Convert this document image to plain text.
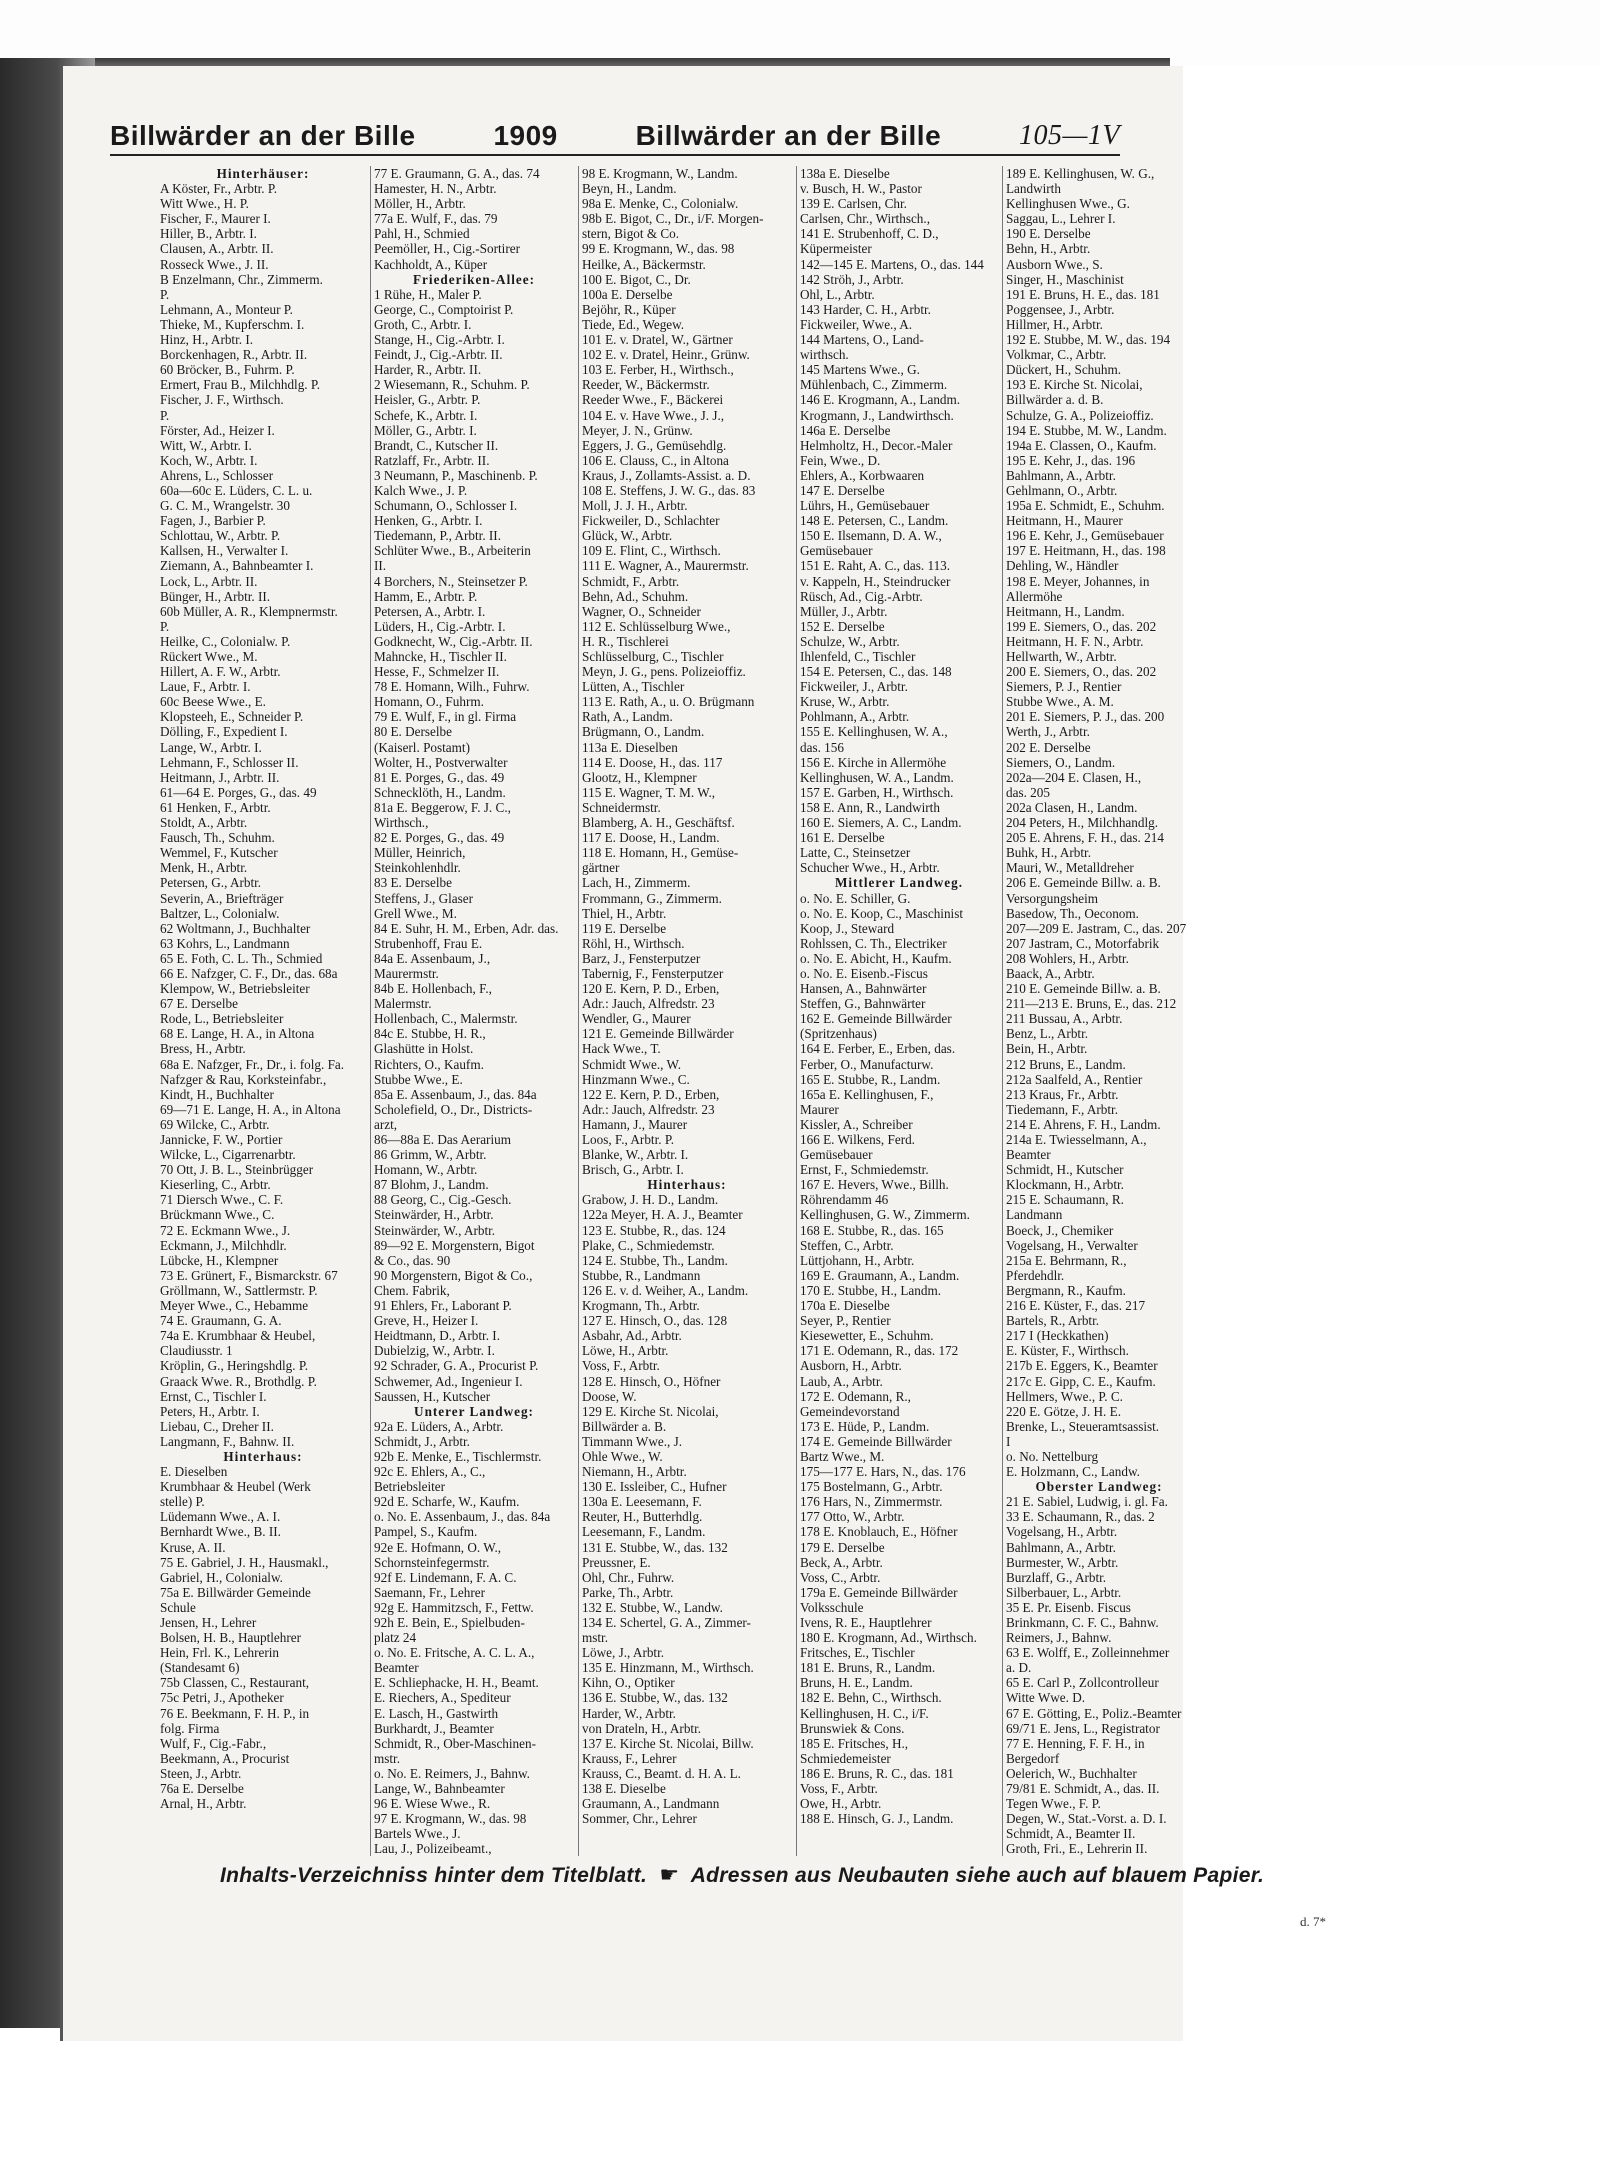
Billwärder an der Bille	1909	Billwärder an der Bille	105—1V
Hinterhäuser:
A Köster, Fr., Arbtr. P.
Witt Wwe., H. P.
Fischer, F., Maurer I.
Hiller, B., Arbtr. I.
Clausen, A., Arbtr. II.
Rosseck Wwe., J. II.
B Enzelmann, Chr., Zimmerm.
P.
Lehmann, A., Monteur P.
Thieke, M., Kupferschm. I.
Hinz, H., Arbtr. I.
Borckenhagen, R., Arbtr. II.
60 Bröcker, B., Fuhrm. P.
Ermert, Frau B., Milchhdlg. P.
Fischer, J. F., Wirthsch.
P.
Förster, Ad., Heizer I.
Witt, W., Arbtr. I.
Koch, W., Arbtr. I.
Ahrens, L., Schlosser
60a—60c E. Lüders, C. L. u.
G. C. M., Wrangelstr. 30
Fagen, J., Barbier P.
Schlottau, W., Arbtr. P.
Kallsen, H., Verwalter I.
Ziemann, A., Bahnbeamter I.
Lock, L., Arbtr. II.
Bünger, H., Arbtr. II.
60b Müller, A. R., Klempnermstr.
P.
Heilke, C., Colonialw. P.
Rückert Wwe., M.
Hillert, A. F. W., Arbtr.
Laue, F., Arbtr. I.
60c Beese Wwe., E.
Klopsteeh, E., Schneider P.
Dölling, F., Expedient I.
Lange, W., Arbtr. I.
Lehmann, F., Schlosser II.
Heitmann, J., Arbtr. II.
61—64 E. Porges, G., das. 49
61 Henken, F., Arbtr.
Stoldt, A., Arbtr.
Fausch, Th., Schuhm.
Wemmel, F., Kutscher
Menk, H., Arbtr.
Petersen, G., Arbtr.
Severin, A., Briefträger
Baltzer, L., Colonialw.
62 Woltmann, J., Buchhalter
63 Kohrs, L., Landmann
65 E. Foth, C. L. Th., Schmied
66 E. Nafzger, C. F., Dr., das. 68a
Klempow, W., Betriebsleiter
67 E. Derselbe
Rode, L., Betriebsleiter
68 E. Lange, H. A., in Altona
Bress, H., Arbtr.
68a E. Nafzger, Fr., Dr., i. folg. Fa.
Nafzger & Rau, Korksteinfabr.,
Kindt, H., Buchhalter
69—71 E. Lange, H. A., in Altona
69 Wilcke, C., Arbtr.
Jannicke, F. W., Portier
Wilcke, L., Cigarrenarbtr.
70 Ott, J. B. L., Steinbrügger
Kieserling, C., Arbtr.
71 Diersch Wwe., C. F.
Brückmann Wwe., C.
72 E. Eckmann Wwe., J.
Eckmann, J., Milchhdlr.
Lübcke, H., Klempner
73 E. Grünert, F., Bismarckstr. 67
Gröllmann, W., Sattlermstr. P.
Meyer Wwe., C., Hebamme
74 E. Graumann, G. A.
74a E. Krumbhaar & Heubel,
Claudiusstr. 1
Kröplin, G., Heringshdlg. P.
Graack Wwe. R., Brothdlg. P.
Ernst, C., Tischler I.
Peters, H., Arbtr. I.
Liebau, C., Dreher II.
Langmann, F., Bahnw. II.
Hinterhaus:
E. Dieselben
Krumbhaar & Heubel (Werk
stelle) P.
Lüdemann Wwe., A. I.
Bernhardt Wwe., B. II.
Kruse, A. II.
75 E. Gabriel, J. H., Hausmakl.,
Gabriel, H., Colonialw.
75a E. Billwärder Gemeinde
Schule
Jensen, H., Lehrer
Bolsen, H. B., Hauptlehrer
Hein, Frl. K., Lehrerin
(Standesamt 6)
75b Classen, C., Restaurant,
75c Petri, J., Apotheker
76 E. Beekmann, F. H. P., in
folg. Firma
Wulf, F., Cig.-Fabr.,
Beekmann, A., Procurist
Steen, J., Arbtr.
76a E. Derselbe
Arnal, H., Arbtr.
77 E. Graumann, G. A., das. 74
Hamester, H. N., Arbtr.
Möller, H., Arbtr.
77a E. Wulf, F., das. 79
Pahl, H., Schmied
Peemöller, H., Cig.-Sortirer
Kachholdt, A., Küper
Friederiken-Allee:
1 Rühe, H., Maler P.
George, C., Comptoirist P.
Groth, C., Arbtr. I.
Stange, H., Cig.-Arbtr. I.
Feindt, J., Cig.-Arbtr. II.
Harder, R., Arbtr. II.
2 Wiesemann, R., Schuhm. P.
Heisler, G., Arbtr. P.
Schefe, K., Arbtr. I.
Möller, G., Arbtr. I.
Brandt, C., Kutscher II.
Ratzlaff, Fr., Arbtr. II.
3 Neumann, P., Maschinenb. P.
Kalch Wwe., J. P.
Schumann, O., Schlosser I.
Henken, G., Arbtr. I.
Tiedemann, P., Arbtr. II.
Schlüter Wwe., B., Arbeiterin
II.
4 Borchers, N., Steinsetzer P.
Hamm, E., Arbtr. P.
Petersen, A., Arbtr. I.
Lüders, H., Cig.-Arbtr. I.
Godknecht, W., Cig.-Arbtr. II.
Mahncke, H., Tischler II.
Hesse, F., Schmelzer II.
78 E. Homann, Wilh., Fuhrw.
Homann, O., Fuhrm.
79 E. Wulf, F., in gl. Firma
80 E. Derselbe
(Kaiserl. Postamt)
Wolter, H., Postverwalter
81 E. Porges, G., das. 49
Schnecklöth, H., Landm.
81a E. Beggerow, F. J. C.,
Wirthsch.,
82 E. Porges, G., das. 49
Müller, Heinrich,
Steinkohlenhdlr.
83 E. Derselbe
Steffens, J., Glaser
Grell Wwe., M.
84 E. Suhr, H. M., Erben, Adr. das.
Strubenhoff, Frau E.
84a E. Assenbaum, J.,
Maurermstr.
84b E. Hollenbach, F.,
Malermstr.
Hollenbach, C., Malermstr.
84c E. Stubbe, H. R.,
Glashütte in Holst.
Richters, O., Kaufm.
Stubbe Wwe., E.
85a E. Assenbaum, J., das. 84a
Scholefield, O., Dr., Districts-
arzt,
86—88a E. Das Aerarium
86 Grimm, W., Arbtr.
Homann, W., Arbtr.
87 Blohm, J., Landm.
88 Georg, C., Cig.-Gesch.
Steinwärder, H., Arbtr.
Steinwärder, W., Arbtr.
89—92 E. Morgenstern, Bigot
& Co., das. 90
90 Morgenstern, Bigot & Co.,
Chem. Fabrik,
91 Ehlers, Fr., Laborant P.
Greve, H., Heizer I.
Heidtmann, D., Arbtr. I.
Dubielzig, W., Arbtr. I.
92 Schrader, G. A., Procurist P.
Schwemer, Ad., Ingenieur I.
Saussen, H., Kutscher
Unterer Landweg:
92a E. Lüders, A., Arbtr.
Schmidt, J., Arbtr.
92b E. Menke, E., Tischlermstr.
92c E. Ehlers, A., C.,
Betriebsleiter
92d E. Scharfe, W., Kaufm.
o. No. E. Assenbaum, J., das. 84a
Pampel, S., Kaufm.
92e E. Hofmann, O. W.,
Schornsteinfegermstr.
92f E. Lindemann, F. A. C.
Saemann, Fr., Lehrer
92g E. Hammitzsch, F., Fettw.
92h E. Bein, E., Spielbuden-
platz 24
o. No. E. Fritsche, A. C. L. A.,
Beamter
E. Schliephacke, H. H., Beamt.
E. Riechers, A., Spediteur
E. Lasch, H., Gastwirth
Burkhardt, J., Beamter
Schmidt, R., Ober-Maschinen-
mstr.
o. No. E. Reimers, J., Bahnw.
Lange, W., Bahnbeamter
96 E. Wiese Wwe., R.
97 E. Krogmann, W., das. 98
Bartels Wwe., J.
Lau, J., Polizeibeamt.,
98 E. Krogmann, W., Landm.
Beyn, H., Landm.
98a E. Menke, C., Colonialw.
98b E. Bigot, C., Dr., i/F. Morgen-
stern, Bigot & Co.
99 E. Krogmann, W., das. 98
Heilke, A., Bäckermstr.
100 E. Bigot, C., Dr.
100a E. Derselbe
Bejöhr, R., Küper
Tiede, Ed., Wegew.
101 E. v. Dratel, W., Gärtner
102 E. v. Dratel, Heinr., Grünw.
103 E. Ferber, H., Wirthsch.,
Reeder, W., Bäckermstr.
Reeder Wwe., F., Bäckerei
104 E. v. Have Wwe., J. J.,
Meyer, J. N., Grünw.
Eggers, J. G., Gemüsehdlg.
106 E. Clauss, C., in Altona
Kraus, J., Zollamts-Assist. a. D.
108 E. Steffens, J. W. G., das. 83
Moll, J. J. H., Arbtr.
Fickweiler, D., Schlachter
Glück, W., Arbtr.
109 E. Flint, C., Wirthsch.
111 E. Wagner, A., Maurermstr.
Schmidt, F., Arbtr.
Behn, Ad., Schuhm.
Wagner, O., Schneider
112 E. Schlüsselburg Wwe.,
H. R., Tischlerei
Schlüsselburg, C., Tischler
Meyn, J. G., pens. Polizeioffiz.
Lütten, A., Tischler
113 E. Rath, A., u. O. Brügmann
Rath, A., Landm.
Brügmann, O., Landm.
113a E. Dieselben
114 E. Doose, H., das. 117
Glootz, H., Klempner
115 E. Wagner, T. M. W.,
Schneidermstr.
Blamberg, A. H., Geschäftsf.
117 E. Doose, H., Landm.
118 E. Homann, H., Gemüse-
gärtner
Lach, H., Zimmerm.
Frommann, G., Zimmerm.
Thiel, H., Arbtr.
119 E. Derselbe
Röhl, H., Wirthsch.
Barz, J., Fensterputzer
Tabernig, F., Fensterputzer
120 E. Kern, P. D., Erben,
Adr.: Jauch, Alfredstr. 23
Wendler, G., Maurer
121 E. Gemeinde Billwärder
Hack Wwe., T.
Schmidt Wwe., W.
Hinzmann Wwe., C.
122 E. Kern, P. D., Erben,
Adr.: Jauch, Alfredstr. 23
Hamann, J., Maurer
Loos, F., Arbtr. P.
Blanke, W., Arbtr. I.
Brisch, G., Arbtr. I.
Hinterhaus:
Grabow, J. H. D., Landm.
122a Meyer, H. A. J., Beamter
123 E. Stubbe, R., das. 124
Plake, C., Schmiedemstr.
124 E. Stubbe, Th., Landm.
Stubbe, R., Landmann
126 E. v. d. Weiher, A., Landm.
Krogmann, Th., Arbtr.
127 E. Hinsch, O., das. 128
Asbahr, Ad., Arbtr.
Löwe, H., Arbtr.
Voss, F., Arbtr.
128 E. Hinsch, O., Höfner
Doose, W.
129 E. Kirche St. Nicolai,
Billwärder a. B.
Timmann Wwe., J.
Ohle Wwe., W.
Niemann, H., Arbtr.
130 E. Issleiber, C., Hufner
130a E. Leesemann, F.
Reuter, H., Butterhdlg.
Leesemann, F., Landm.
131 E. Stubbe, W., das. 132
Preussner, E.
Ohl, Chr., Fuhrw.
Parke, Th., Arbtr.
132 E. Stubbe, W., Landw.
134 E. Schertel, G. A., Zimmer-
mstr.
Löwe, J., Arbtr.
135 E. Hinzmann, M., Wirthsch.
Kihn, O., Optiker
136 E. Stubbe, W., das. 132
Harder, W., Arbtr.
von Drateln, H., Arbtr.
137 E. Kirche St. Nicolai, Billw.
Krauss, F., Lehrer
Krauss, C., Beamt. d. H. A. L.
138 E. Dieselbe
Graumann, A., Landmann
Sommer, Chr., Lehrer
138a E. Dieselbe
v. Busch, H. W., Pastor
139 E. Carlsen, Chr.
Carlsen, Chr., Wirthsch.,
141 E. Strubenhoff, C. D.,
Küpermeister
142—145 E. Martens, O., das. 144
142 Ströh, J., Arbtr.
Ohl, L., Arbtr.
143 Harder, C. H., Arbtr.
Fickweiler, Wwe., A.
144 Martens, O., Land-
wirthsch.
145 Martens Wwe., G.
Mühlenbach, C., Zimmerm.
146 E. Krogmann, A., Landm.
Krogmann, J., Landwirthsch.
146a E. Derselbe
Helmholtz, H., Decor.-Maler
Fein, Wwe., D.
Ehlers, A., Korbwaaren
147 E. Derselbe
Lührs, H., Gemüsebauer
148 E. Petersen, C., Landm.
150 E. Ilsemann, D. A. W.,
Gemüsebauer
151 E. Raht, A. C., das. 113.
v. Kappeln, H., Steindrucker
Rüsch, Ad., Cig.-Arbtr.
Müller, J., Arbtr.
152 E. Derselbe
Schulze, W., Arbtr.
Ihlenfeld, C., Tischler
154 E. Petersen, C., das. 148
Fickweiler, J., Arbtr.
Kruse, W., Arbtr.
Pohlmann, A., Arbtr.
155 E. Kellinghusen, W. A.,
das. 156
156 E. Kirche in Allermöhe
Kellinghusen, W. A., Landm.
157 E. Garben, H., Wirthsch.
158 E. Ann, R., Landwirth
160 E. Siemers, A. C., Landm.
161 E. Derselbe
Latte, C., Steinsetzer
Schucher Wwe., H., Arbtr.
Mittlerer Landweg.
o. No. E. Schiller, G.
o. No. E. Koop, C., Maschinist
Koop, J., Steward
Rohlssen, C. Th., Electriker
o. No. E. Abicht, H., Kaufm.
o. No. E. Eisenb.-Fiscus
Hansen, A., Bahnwärter
Steffen, G., Bahnwärter
162 E. Gemeinde Billwärder
(Spritzenhaus)
164 E. Ferber, E., Erben, das.
Ferber, O., Manufacturw.
165 E. Stubbe, R., Landm.
165a E. Kellinghusen, F.,
Maurer
Kissler, A., Schreiber
166 E. Wilkens, Ferd.
Gemüsebauer
Ernst, F., Schmiedemstr.
167 E. Hevers, Wwe., Billh.
Röhrendamm 46
Kellinghusen, G. W., Zimmerm.
168 E. Stubbe, R., das. 165
Steffen, C., Arbtr.
Lüttjohann, H., Arbtr.
169 E. Graumann, A., Landm.
170 E. Stubbe, H., Landm.
170a E. Dieselbe
Seyer, P., Rentier
Kiesewetter, E., Schuhm.
171 E. Odemann, R., das. 172
Ausborn, H., Arbtr.
Laub, A., Arbtr.
172 E. Odemann, R.,
Gemeindevorstand
173 E. Hüde, P., Landm.
174 E. Gemeinde Billwärder
Bartz Wwe., M.
175—177 E. Hars, N., das. 176
175 Bostelmann, G., Arbtr.
176 Hars, N., Zimmermstr.
177 Otto, W., Arbtr.
178 E. Knoblauch, E., Höfner
179 E. Derselbe
Beck, A., Arbtr.
Voss, C., Arbtr.
179a E. Gemeinde Billwärder
Volksschule
Ivens, R. E., Hauptlehrer
180 E. Krogmann, Ad., Wirthsch.
Fritsches, E., Tischler
181 E. Bruns, R., Landm.
Bruns, H. E., Landm.
182 E. Behn, C., Wirthsch.
Kellinghusen, H. C., i/F.
Brunswiek & Cons.
185 E. Fritsches, H.,
Schmiedemeister
186 E. Bruns, R. C., das. 181
Voss, F., Arbtr.
Owe, H., Arbtr.
188 E. Hinsch, G. J., Landm.
189 E. Kellinghusen, W. G.,
Landwirth
Kellinghusen Wwe., G.
Saggau, L., Lehrer I.
190 E. Derselbe
Behn, H., Arbtr.
Ausborn Wwe., S.
Singer, H., Maschinist
191 E. Bruns, H. E., das. 181
Poggensee, J., Arbtr.
Hillmer, H., Arbtr.
192 E. Stubbe, M. W., das. 194
Volkmar, C., Arbtr.
Dückert, H., Schuhm.
193 E. Kirche St. Nicolai,
Billwärder a. d. B.
Schulze, G. A., Polizeioffiz.
194 E. Stubbe, M. W., Landm.
194a E. Classen, O., Kaufm.
195 E. Kehr, J., das. 196
Bahlmann, A., Arbtr.
Gehlmann, O., Arbtr.
195a E. Schmidt, E., Schuhm.
Heitmann, H., Maurer
196 E. Kehr, J., Gemüsebauer
197 E. Heitmann, H., das. 198
Dehling, W., Händler
198 E. Meyer, Johannes, in
Allermöhe
Heitmann, H., Landm.
199 E. Siemers, O., das. 202
Heitmann, H. F. N., Arbtr.
Hellwarth, W., Arbtr.
200 E. Siemers, O., das. 202
Siemers, P. J., Rentier
Stubbe Wwe., A. M.
201 E. Siemers, P. J., das. 200
Werth, J., Arbtr.
202 E. Derselbe
Siemers, O., Landm.
202a—204 E. Clasen, H.,
das. 205
202a Clasen, H., Landm.
204 Peters, H., Milchhandlg.
205 E. Ahrens, F. H., das. 214
Buhk, H., Arbtr.
Mauri, W., Metalldreher
206 E. Gemeinde Billw. a. B.
Versorgungsheim
Basedow, Th., Oeconom.
207—209 E. Jastram, C., das. 207
207 Jastram, C., Motorfabrik
208 Wohlers, H., Arbtr.
Baack, A., Arbtr.
210 E. Gemeinde Billw. a. B.
211—213 E. Bruns, E., das. 212
211 Bussau, A., Arbtr.
Benz, L., Arbtr.
Bein, H., Arbtr.
212 Bruns, E., Landm.
212a Saalfeld, A., Rentier
213 Kraus, Fr., Arbtr.
Tiedemann, F., Arbtr.
214 E. Ahrens, F. H., Landm.
214a E. Twiesselmann, A.,
Beamter
Schmidt, H., Kutscher
Klockmann, H., Arbtr.
215 E. Schaumann, R.
Landmann
Boeck, J., Chemiker
Vogelsang, H., Verwalter
215a E. Behrmann, R.,
Pferdehdlr.
Bergmann, R., Kaufm.
216 E. Küster, F., das. 217
Bartels, R., Arbtr.
217 I (Heckkathen)
E. Küster, F., Wirthsch.
217b E. Eggers, K., Beamter
217c E. Gipp, C. E., Kaufm.
Hellmers, Wwe., P. C.
220 E. Götze, J. H. E.
Brenke, L., Steueramtsassist.
I
o. No. Nettelburg
E. Holzmann, C., Landw.
Oberster Landweg:
21 E. Sabiel, Ludwig, i. gl. Fa.
33 E. Schaumann, R., das. 2
Vogelsang, H., Arbtr.
Bahlmann, A., Arbtr.
Burmester, W., Arbtr.
Burzlaff, G., Arbtr.
Silberbauer, L., Arbtr.
35 E. Pr. Eisenb. Fiscus
Brinkmann, C. F. C., Bahnw.
Reimers, J., Bahnw.
63 E. Wolff, E., Zolleinnehmer
a. D.
65 E. Carl P., Zollcontrolleur
Witte Wwe. D.
67 E. Götting, E., Poliz.-Beamter
69/71 E. Jens, L., Registrator
77 E. Henning, F. F. H., in
Bergedorf
Oelerich, W., Buchhalter
79/81 E. Schmidt, A., das. II.
Tegen Wwe., F. P.
Degen, W., Stat.-Vorst. a. D. I.
Schmidt, A., Beamter II.
Groth, Fri., E., Lehrerin II.
Inhalts-Verzeichniss hinter dem Titelblatt. ☛ Adressen aus Neubauten siehe auch auf blauem Papier.
d. 7*
